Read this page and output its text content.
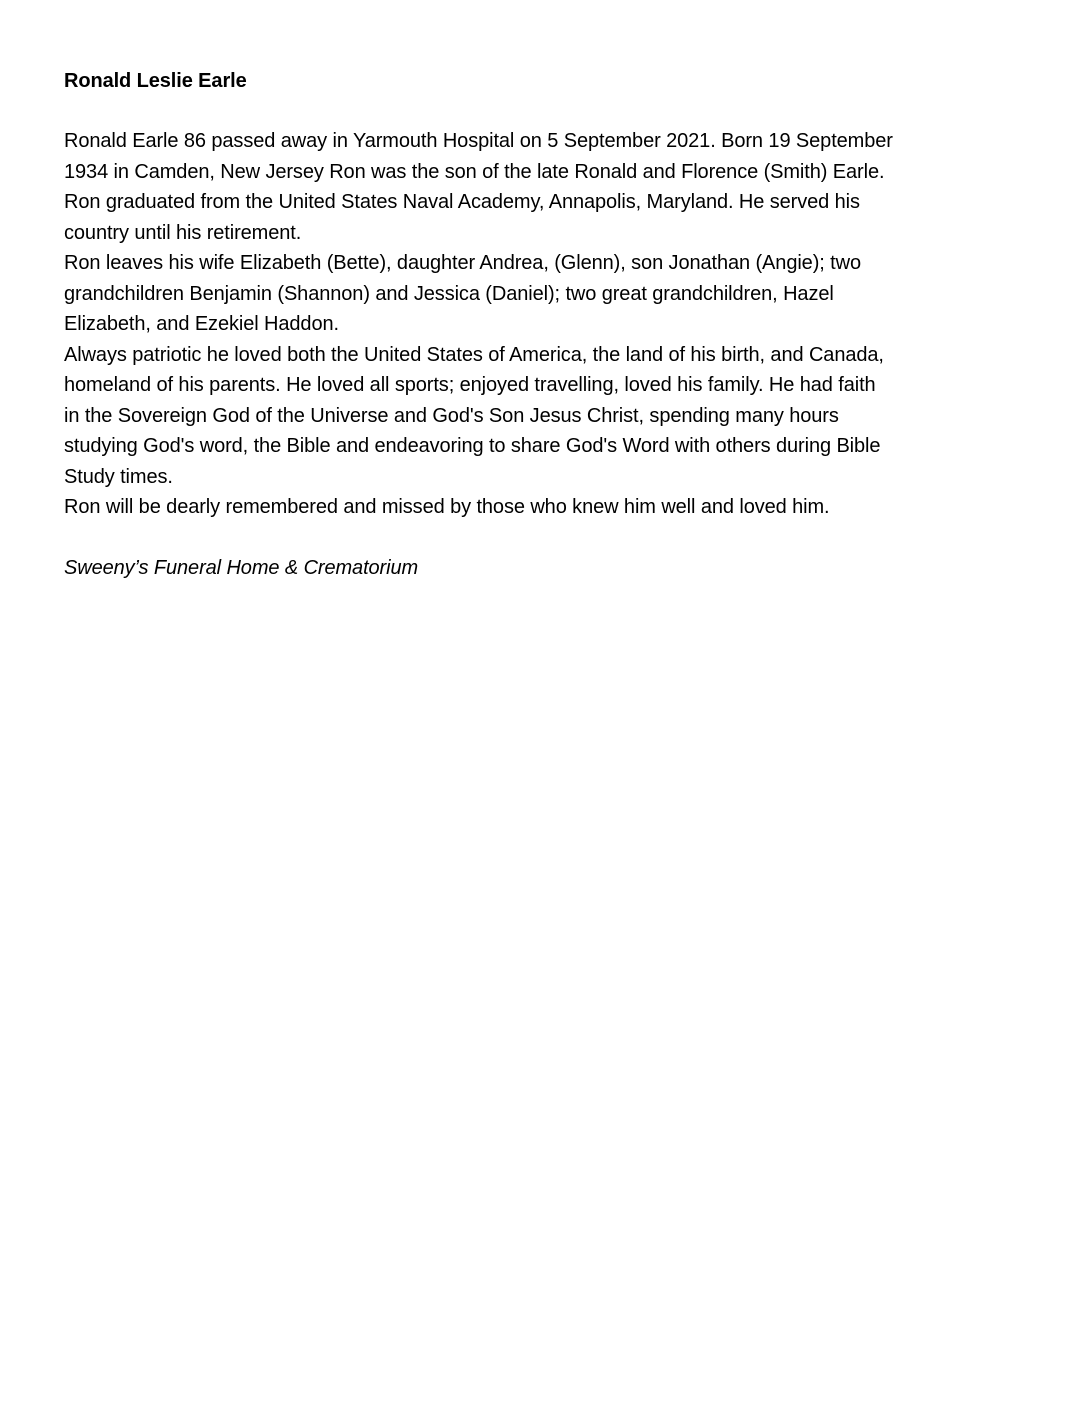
Ronald Leslie Earle

Ronald Earle 86 passed away in Yarmouth Hospital on 5 September 2021. Born 19 September
1934 in Camden, New Jersey Ron was the son of the late Ronald and Florence (Smith) Earle.
Ron graduated from the United States Naval Academy, Annapolis, Maryland. He served his
country until his retirement.

Ron leaves his wife Elizabeth (Bette), daughter Andrea, (Glenn), son Jonathan (Angie); two
grandchildren Benjamin (Shannon) and Jessica (Daniel); two great grandchildren, Hazel
Elizabeth, and Ezekiel Haddon.

Always patriotic he loved both the United States of America, the land of his birth, and Canada,
homeland of his parents. He loved all sports; enjoyed travelling, loved his family. He had faith
in the Sovereign God of the Universe and God's Son Jesus Christ, spending many hours
studying God's word, the Bible and endeavoring to share God's Word with others during Bible
Study times.

Ron will be dearly remembered and missed by those who knew him well and loved him.

Sweeny’s Funeral Home & Crematorium
